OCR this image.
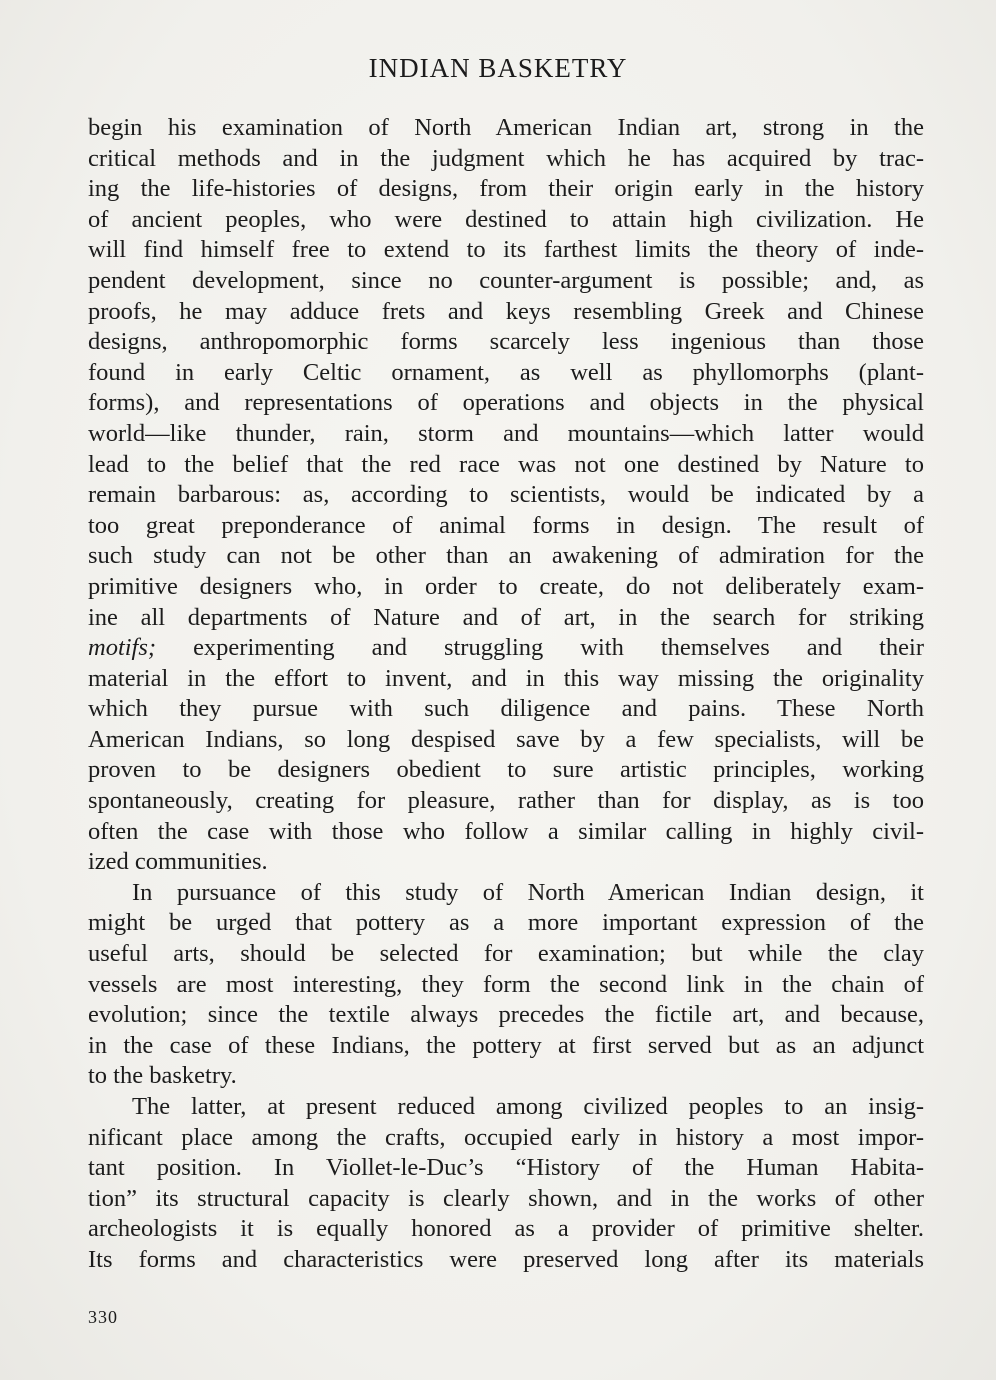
INDIAN BASKETRY
begin his examination of North American Indian art, strong in the
critical methods and in the judgment which he has acquired by trac-
ing the life-histories of designs, from their origin early in the history
of ancient peoples, who were destined to attain high civilization. He
will find himself free to extend to its farthest limits the theory of inde-
pendent development, since no counter-argument is possible; and, as
proofs, he may adduce frets and keys resembling Greek and Chinese
designs, anthropomorphic forms scarcely less ingenious than those
found in early Celtic ornament, as well as phyllomorphs (plant-
forms), and representations of operations and objects in the physical
world—like thunder, rain, storm and mountains—which latter would
lead to the belief that the red race was not one destined by Nature to
remain barbarous: as, according to scientists, would be indicated by a
too great preponderance of animal forms in design. The result of
such study can not be other than an awakening of admiration for the
primitive designers who, in order to create, do not deliberately exam-
ine all departments of Nature and of art, in the search for striking
motifs; experimenting and struggling with themselves and their
material in the effort to invent, and in this way missing the originality
which they pursue with such diligence and pains. These North
American Indians, so long despised save by a few specialists, will be
proven to be designers obedient to sure artistic principles, working
spontaneously, creating for pleasure, rather than for display, as is too
often the case with those who follow a similar calling in highly civil-
ized communities.
In pursuance of this study of North American Indian design, it
might be urged that pottery as a more important expression of the
useful arts, should be selected for examination; but while the clay
vessels are most interesting, they form the second link in the chain of
evolution; since the textile always precedes the fictile art, and because,
in the case of these Indians, the pottery at first served but as an adjunct
to the basketry.
The latter, at present reduced among civilized peoples to an insig-
nificant place among the crafts, occupied early in history a most impor-
tant position. In Viollet-le-Duc’s “History of the Human Habita-
tion” its structural capacity is clearly shown, and in the works of other
archeologists it is equally honored as a provider of primitive shelter.
Its forms and characteristics were preserved long after its materials
330
